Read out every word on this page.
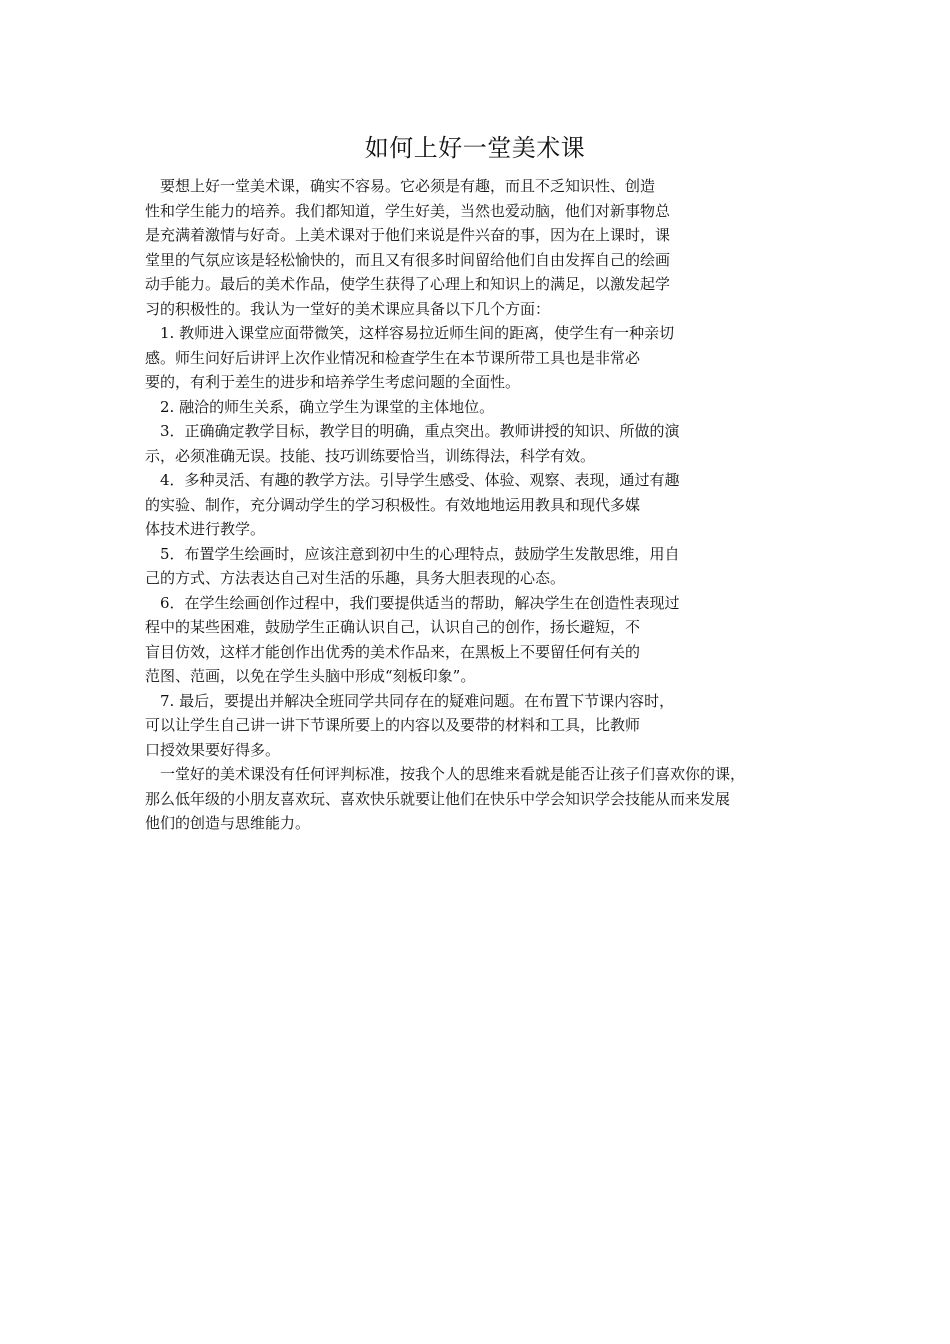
如何上好一堂美术课
要想上好一堂美术课，确实不容易。它必须是有趣，而且不乏知识性、创造
性和学生能力的培养。我们都知道，学生好美，当然也爱动脑，他们对新事物总
是充满着激情与好奇。上美术课对于他们来说是件兴奋的事，因为在上课时，课
堂里的气氛应该是轻松愉快的，而且又有很多时间留给他们自由发挥自己的绘画
动手能力。最后的美术作品，使学生获得了心理上和知识上的满足，以激发起学
习的积极性的。我认为一堂好的美术课应具备以下几个方面：
1. 教师进入课堂应面带微笑，这样容易拉近师生间的距离，使学生有一种亲切
感。师生问好后讲评上次作业情况和检查学生在本节课所带工具也是非常必
要的，有利于差生的进步和培养学生考虑问题的全面性。
2. 融洽的师生关系，确立学生为课堂的主体地位。
3．正确确定教学目标，教学目的明确，重点突出。教师讲授的知识、所做的演
示，必须准确无误。技能、技巧训练要恰当，训练得法，科学有效。
4．多种灵活、有趣的教学方法。引导学生感受、体验、观察、表现，通过有趣
的实验、制作，充分调动学生的学习积极性。有效地地运用教具和现代多媒
体技术进行教学。
5．布置学生绘画时，应该注意到初中生的心理特点，鼓励学生发散思维，用自
己的方式、方法表达自己对生活的乐趣，具务大胆表现的心态。
6．在学生绘画创作过程中，我们要提供适当的帮助，解决学生在创造性表现过
程中的某些困难，鼓励学生正确认识自己，认识自己的创作，扬长避短，不
盲目仿效，这样才能创作出优秀的美术作品来，在黑板上不要留任何有关的
范图、范画，以免在学生头脑中形成“刻板印象”。
7. 最后，要提出并解决全班同学共同存在的疑难问题。在布置下节课内容时，
可以让学生自己讲一讲下节课所要上的内容以及要带的材料和工具，比教师
口授效果要好得多。
一堂好的美术课没有任何评判标准，按我个人的思维来看就是能否让孩子们喜欢你的课，
那么低年级的小朋友喜欢玩、喜欢快乐就要让他们在快乐中学会知识学会技能从而来发展
他们的创造与思维能力。
